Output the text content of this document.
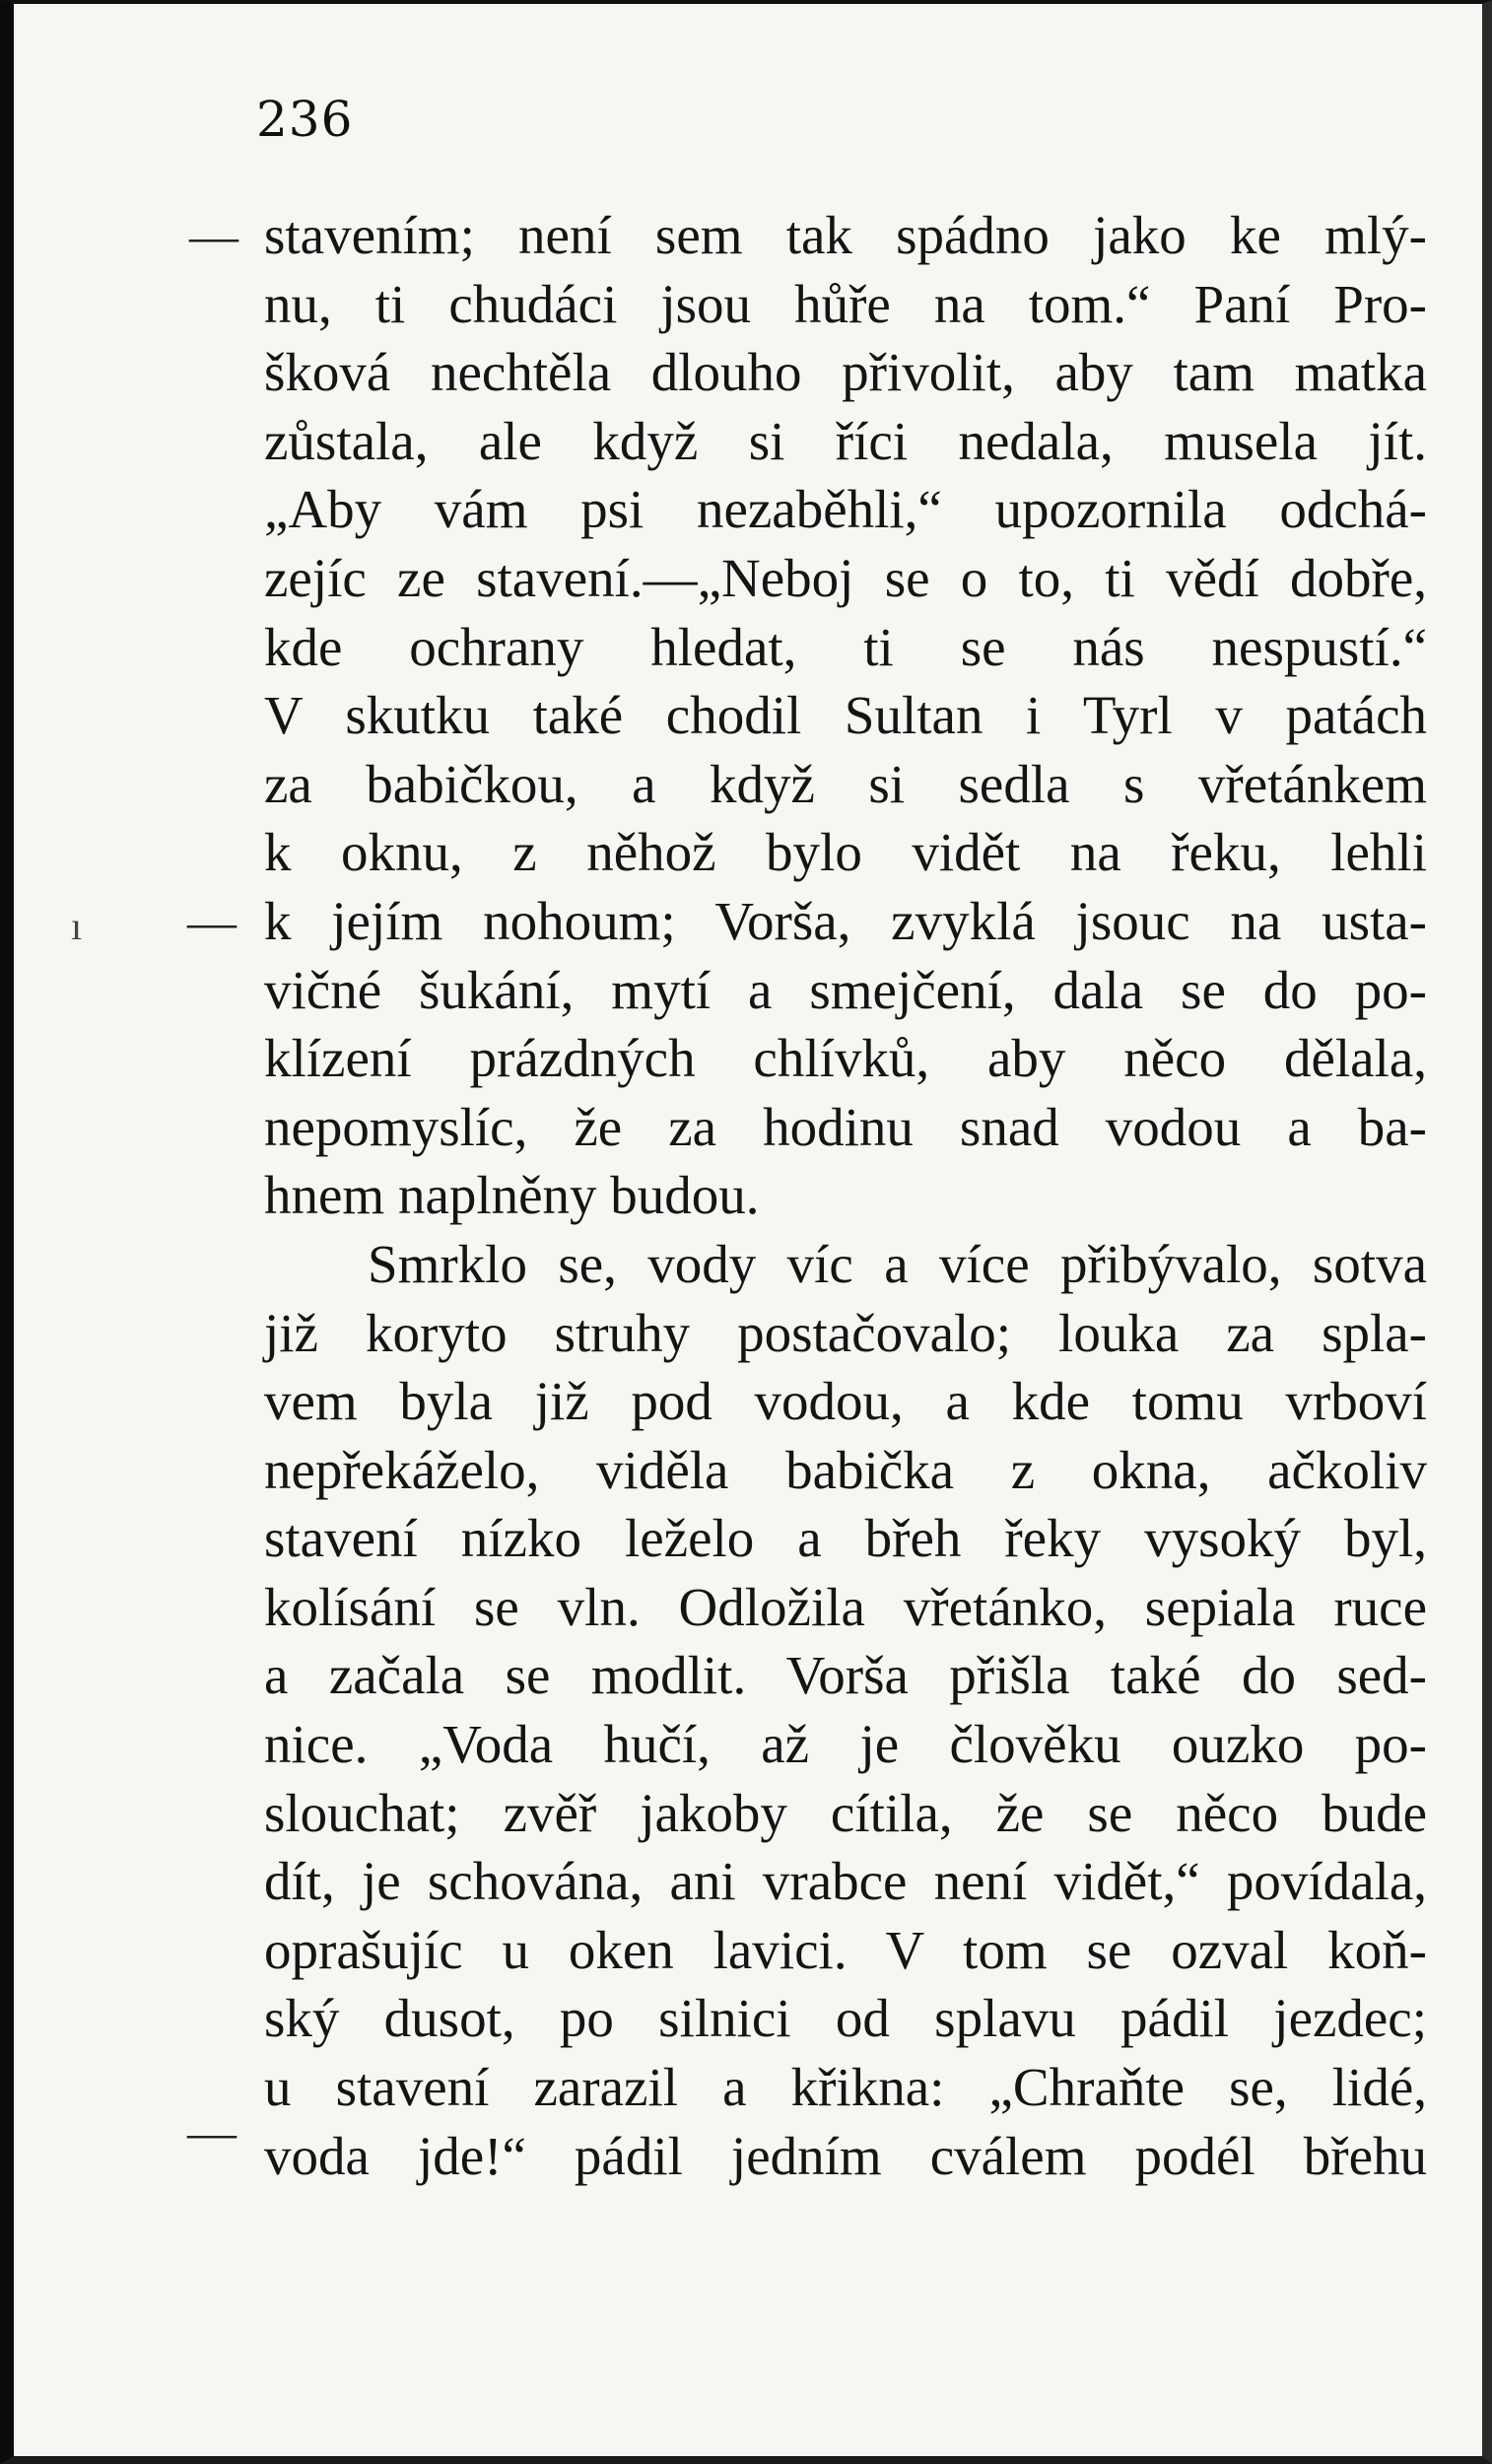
236
—
—
—
ı
stavením; není sem tak spádno jako ke mlý-
nu, ti chudáci jsou hůře na tom.“ Paní Pro-
šková nechtěla dlouho přivolit, aby tam matka
zůstala, ale když si říci nedala, musela jít.
„Aby vám psi nezaběhli,“ upozornila odchá-
zejíc ze stavení.—„Neboj se o to, ti vědí dobře,
kde ochrany hledat, ti se nás nespustí.“
V skutku také chodil Sultan i Tyrl v patách
za babičkou, a když si sedla s vřetánkem
k oknu, z něhož bylo vidět na řeku, lehli
k jejím nohoum; Vorša, zvyklá jsouc na usta-
vičné šukání, mytí a smejčení, dala se do po-
klízení prázdných chlívků, aby něco dělala,
nepomyslíc, že za hodinu snad vodou a ba-
hnem naplněny budou.
Smrklo se, vody víc a více přibývalo, sotva
již koryto struhy postačovalo; louka za spla-
vem byla již pod vodou, a kde tomu vrboví
nepřekáželo, viděla babička z okna, ačkoliv
stavení nízko leželo a břeh řeky vysoký byl,
kolísání se vln. Odložila vřetánko, sepiala ruce
a začala se modlit. Vorša přišla také do sed-
nice. „Voda hučí, až je člověku ouzko po-
slouchat; zvěř jakoby cítila, že se něco bude
dít, je schována, ani vrabce není vidět,“ povídala,
oprašujíc u oken lavici. V tom se ozval koň-
ský dusot, po silnici od splavu pádil jezdec;
u stavení zarazil a křikna: „Chraňte se, lidé,
voda jde!“ pádil jedním cválem podél břehu
